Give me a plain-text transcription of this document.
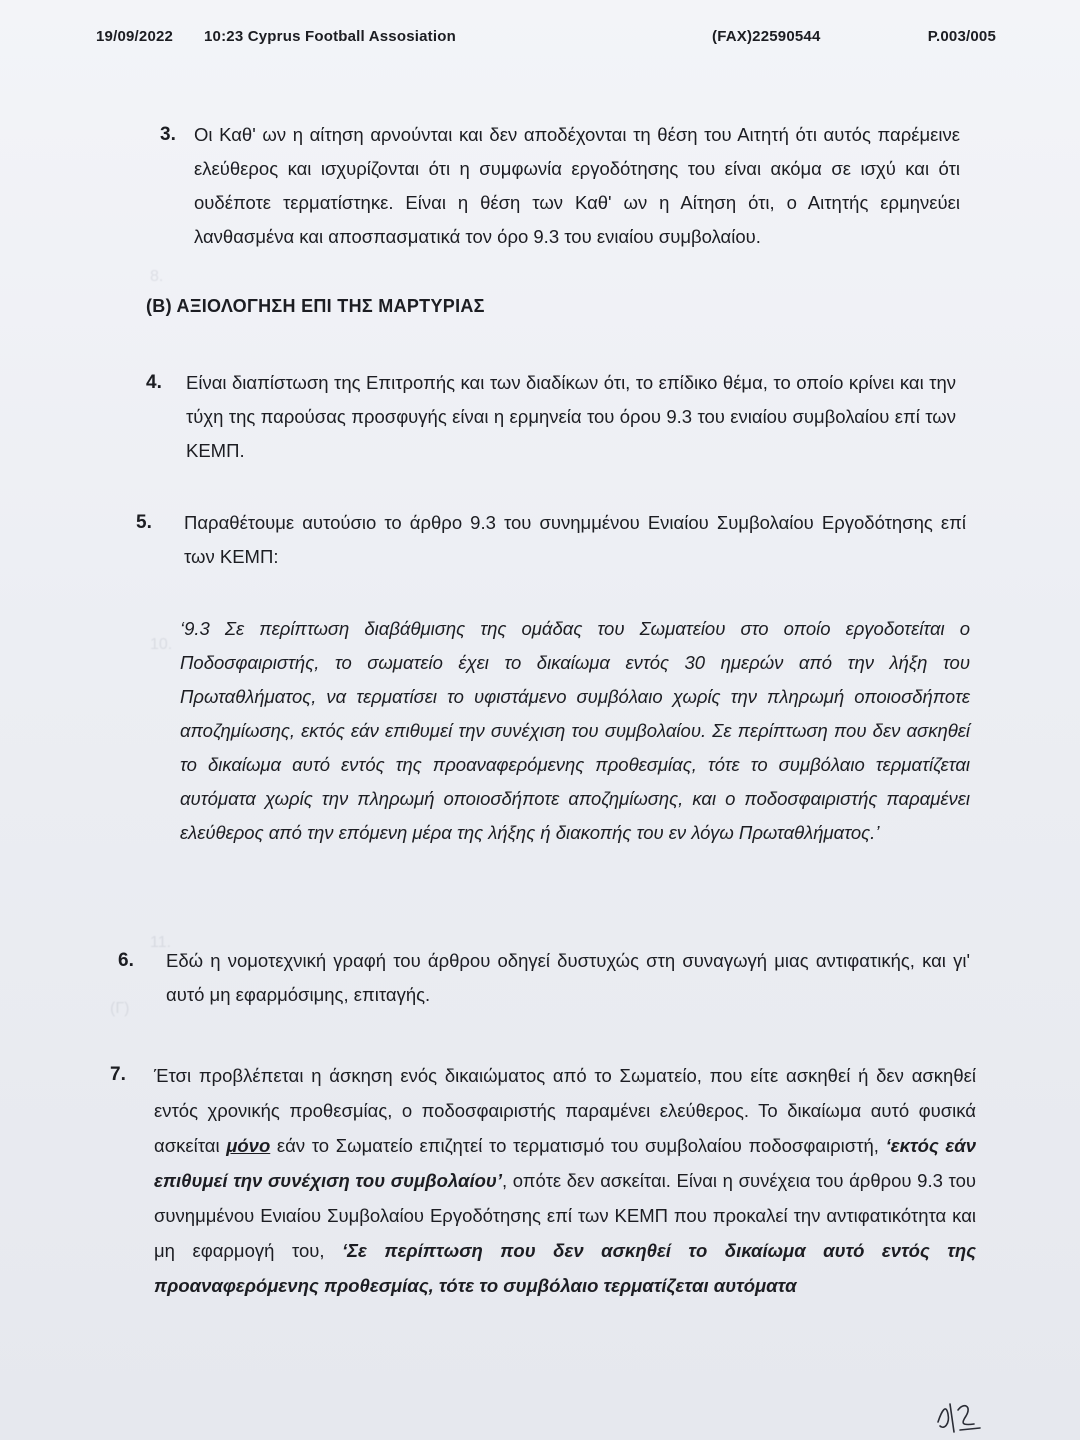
8.
10.
11.
(Γ)
19/09/2022 10:23 Cyprus Football Assosiation	(FAX)22590544	P.003/005
3. Οι Καθ' ων η αίτηση αρνούνται και δεν αποδέχονται τη θέση του Αιτητή ότι αυτός παρέμεινε ελεύθερος και ισχυρίζονται ότι η συμφωνία εργοδότησης του είναι ακόμα σε ισχύ και ότι ουδέποτε τερματίστηκε. Είναι η θέση των Καθ' ων η Αίτηση ότι, ο Αιτητής ερμηνεύει λανθασμένα και αποσπασματικά τον όρο 9.3 του ενιαίου συμβολαίου.
(Β) ΑΞΙΟΛΟΓΗΣΗ ΕΠΙ ΤΗΣ ΜΑΡΤΥΡΙΑΣ
4. Είναι διαπίστωση της Επιτροπής και των διαδίκων ότι, το επίδικο θέμα, το οποίο κρίνει και την τύχη της παρούσας προσφυγής είναι η ερμηνεία του όρου 9.3 του ενιαίου συμβολαίου επί των ΚΕΜΠ.
5. Παραθέτουμε αυτούσιο το άρθρο 9.3 του συνημμένου Ενιαίου Συμβολαίου Εργοδότησης επί των ΚΕΜΠ:
‘9.3 Σε περίπτωση διαβάθμισης της ομάδας του Σωματείου στο οποίο εργοδοτείται ο Ποδοσφαιριστής, το σωματείο έχει το δικαίωμα εντός 30 ημερών από την λήξη του Πρωταθλήματος, να τερματίσει το υφιστάμενο συμβόλαιο χωρίς την πληρωμή οποιοσδήποτε αποζημίωσης, εκτός εάν επιθυμεί την συνέχιση του συμβολαίου. Σε περίπτωση που δεν ασκηθεί το δικαίωμα αυτό εντός της προαναφερόμενης προθεσμίας, τότε το συμβόλαιο τερματίζεται αυτόματα χωρίς την πληρωμή οποιοσδήποτε αποζημίωσης, και ο ποδοσφαιριστής παραμένει ελεύθερος από την επόμενη μέρα της λήξης ή διακοπής του εν λόγω Πρωταθλήματος.’
6. Εδώ η νομοτεχνική γραφή του άρθρου οδηγεί δυστυχώς στη συναγωγή μιας αντιφατικής, και γι' αυτό μη εφαρμόσιμης, επιταγής.
7. Έτσι προβλέπεται η άσκηση ενός δικαιώματος από το Σωματείο, που είτε ασκηθεί ή δεν ασκηθεί εντός χρονικής προθεσμίας, ο ποδοσφαιριστής παραμένει ελεύθερος. Το δικαίωμα αυτό φυσικά ασκείται μόνο εάν το Σωματείο επιζητεί το τερματισμό του συμβολαίου ποδοσφαιριστή, ‘εκτός εάν επιθυμεί την συνέχιση του συμβολαίου’, οπότε δεν ασκείται. Είναι η συνέχεια του άρθρου 9.3 του συνημμένου Ενιαίου Συμβολαίου Εργοδότησης επί των ΚΕΜΠ που προκαλεί την αντιφατικότητα και μη εφαρμογή του, ‘Σε περίπτωση που δεν ασκηθεί το δικαίωμα αυτό εντός της προαναφερόμενης προθεσμίας, τότε το συμβόλαιο τερματίζεται αυτόματα
